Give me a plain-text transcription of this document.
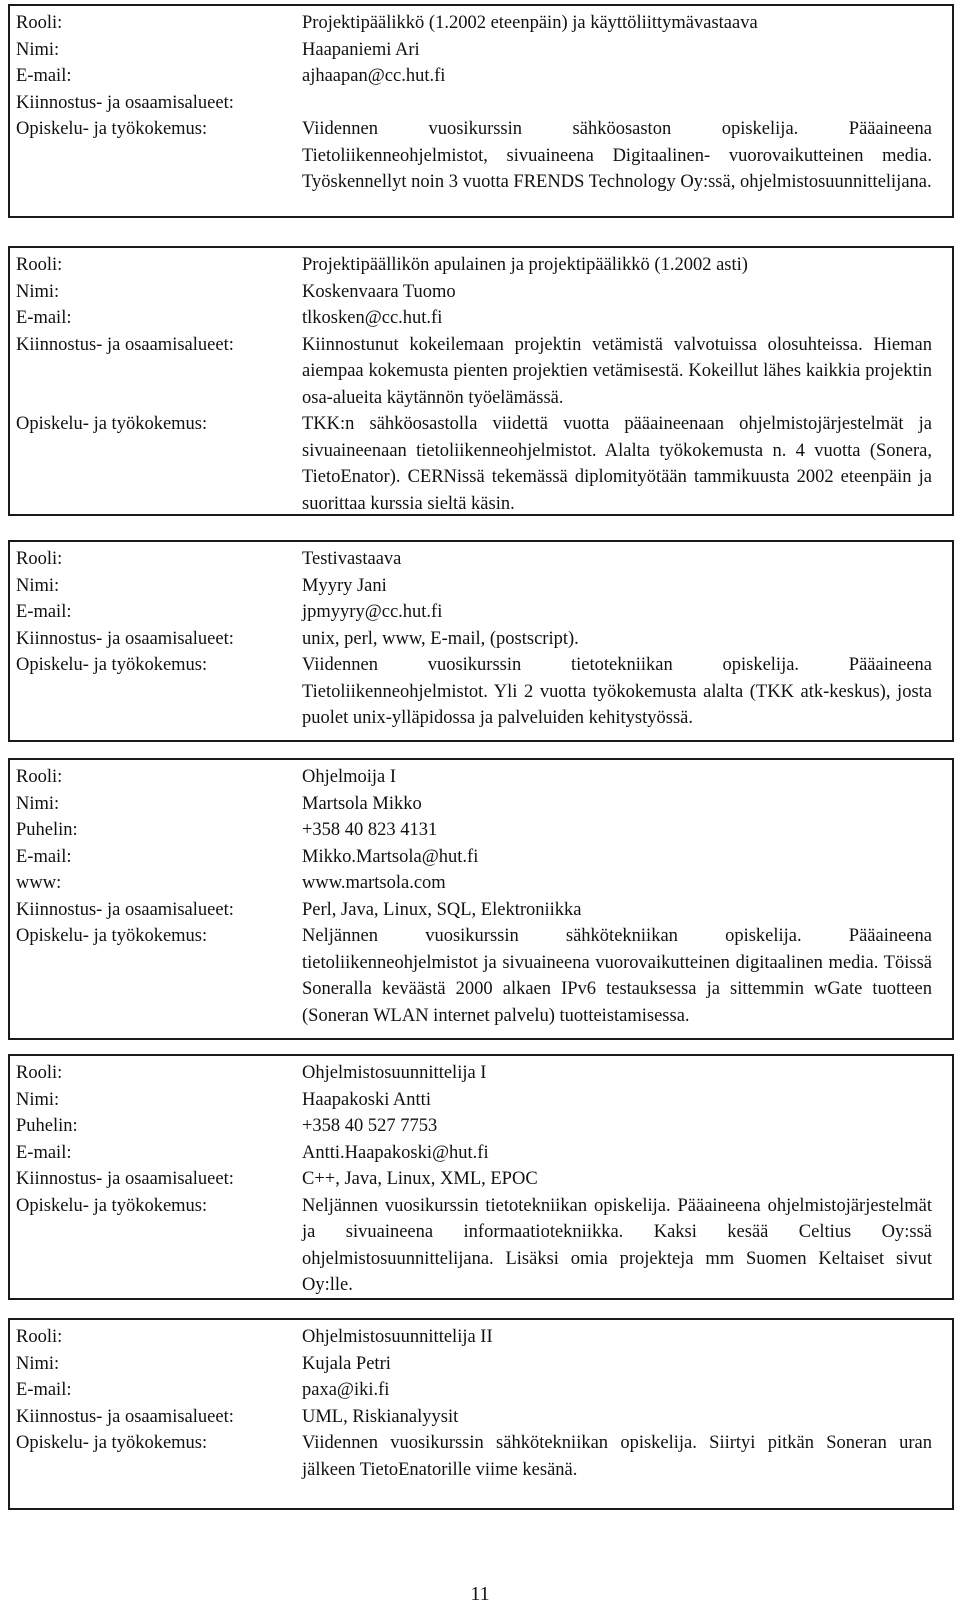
Rooli:	Projektipäälikkö (1.2002 eteenpäin) ja käyttöliittymävastaava
Nimi:	Haapaniemi Ari
E-mail:	ajhaapan@cc.hut.fi
Kiinnostus- ja osaamisalueet:
Opiskelu- ja työkokemus:	Viidennen vuosikurssin sähköosaston opiskelija. Pääaineena Tietoliikenneohjelmistot, sivuaineena Digitaalinen- vuorovaikutteinen media. Työskennellyt noin 3 vuotta FRENDS Technology Oy:ssä, ohjelmistosuunnittelijana.
Rooli:	Projektipäällikön apulainen ja projektipäälikkö (1.2002 asti)
Nimi:	Koskenvaara Tuomo
E-mail:	tlkosken@cc.hut.fi
Kiinnostus- ja osaamisalueet:	Kiinnostunut kokeilemaan projektin vetämistä valvotuissa olosuhteissa. Hieman aiempaa kokemusta pienten projektien vetämisestä. Kokeillut lähes kaikkia projektin osa-alueita käytännön työelämässä.
Opiskelu- ja työkokemus:	TKK:n sähköosastolla viidettä vuotta pääaineenaan ohjelmistojärjestelmät ja sivuaineenaan tietoliikenneohjelmistot. Alalta työkokemusta n. 4 vuotta (Sonera, TietoEnator). CERNissä tekemässä diplomityötään tammikuusta 2002 eteenpäin ja suorittaa kurssia sieltä käsin.
Rooli:	Testivastaava
Nimi:	Myyry Jani
E-mail:	jpmyyry@cc.hut.fi
Kiinnostus- ja osaamisalueet:	unix, perl, www, E-mail, (postscript).
Opiskelu- ja työkokemus:	Viidennen vuosikurssin tietotekniikan opiskelija. Pääaineena Tietoliikenneohjelmistot. Yli 2 vuotta työkokemusta alalta (TKK atk-keskus), josta puolet unix-ylläpidossa ja palveluiden kehitystyössä.
Rooli:	Ohjelmoija I
Nimi:	Martsola Mikko
Puhelin:	+358 40 823 4131
E-mail:	Mikko.Martsola@hut.fi
www:	www.martsola.com
Kiinnostus- ja osaamisalueet:	Perl, Java, Linux, SQL, Elektroniikka
Opiskelu- ja työkokemus:	Neljännen vuosikurssin sähkötekniikan opiskelija. Pääaineena tietoliikenneohjelmistot ja sivuaineena vuorovaikutteinen digitaalinen media. Töissä Soneralla keväästä 2000 alkaen IPv6 testauksessa ja sittemmin wGate tuotteen (Soneran WLAN internet palvelu) tuotteistamisessa.
Rooli:	Ohjelmistosuunnittelija I
Nimi:	Haapakoski Antti
Puhelin:	+358 40 527 7753
E-mail:	Antti.Haapakoski@hut.fi
Kiinnostus- ja osaamisalueet:	C++, Java, Linux, XML, EPOC
Opiskelu- ja työkokemus:	Neljännen vuosikurssin tietotekniikan opiskelija. Pääaineena ohjelmistojärjestelmät ja sivuaineena informaatiotekniikka. Kaksi kesää Celtius Oy:ssä ohjelmistosuunnittelijana. Lisäksi omia projekteja mm Suomen Keltaiset sivut Oy:lle.
Rooli:	Ohjelmistosuunnittelija II
Nimi:	Kujala Petri
E-mail:	paxa@iki.fi
Kiinnostus- ja osaamisalueet:	UML, Riskianalyysit
Opiskelu- ja työkokemus:	Viidennen vuosikurssin sähkötekniikan opiskelija. Siirtyi pitkän Soneran uran jälkeen TietoEnatorille viime kesänä.
11
